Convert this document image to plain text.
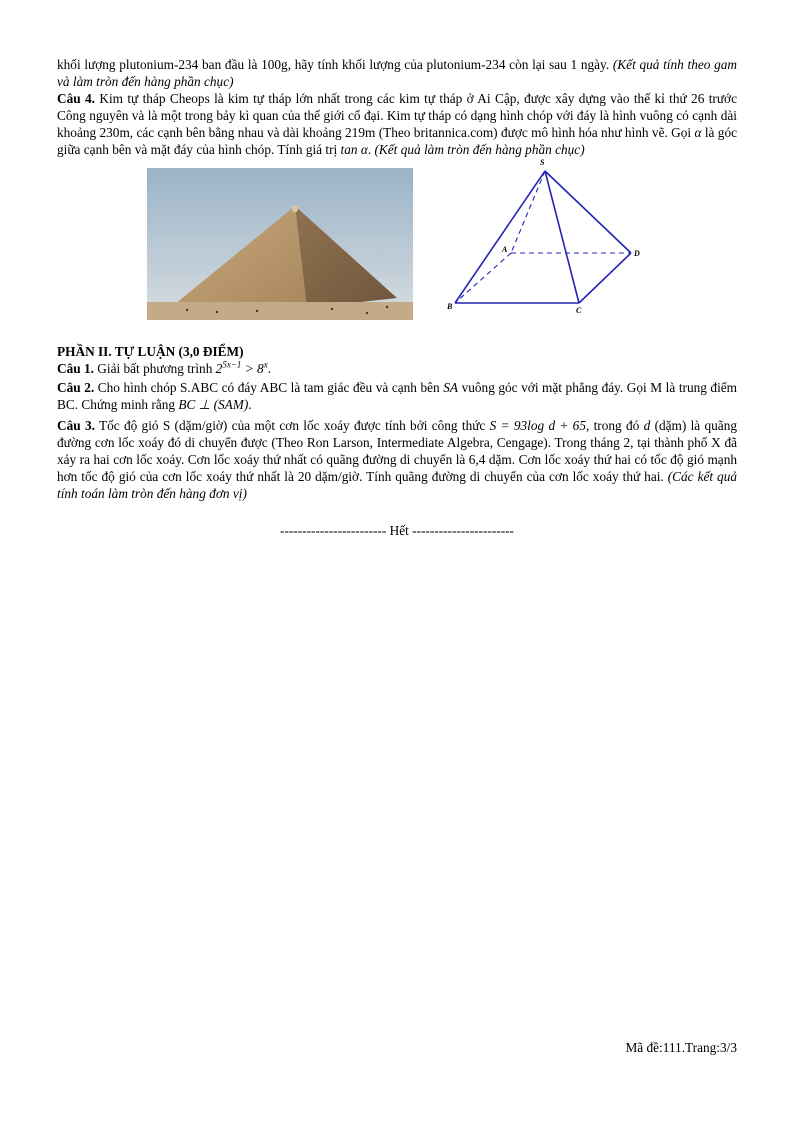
khối lượng plutonium-234 ban đầu là 100g, hãy tính khối lượng của plutonium-234 còn lại sau 1 ngày. (Kết quả tính theo gam và làm tròn đến hàng phần chục)

Câu 4. Kim tự tháp Cheops là kim tự tháp lớn nhất trong các kim tự tháp ở Ai Cập, được xây dựng vào thế kỉ thứ 26 trước Công nguyên và là một trong bảy kì quan của thế giới cổ đại. Kim tự tháp có dạng hình chóp với đáy là hình vuông có cạnh dài khoảng 230m, các cạnh bên bằng nhau và dài khoảng 219m (Theo britannica.com) được mô hình hóa như hình vẽ. Gọi α là góc giữa cạnh bên và mặt đáy của hình chóp. Tính giá trị tan α. (Kết quả làm tròn đến hàng phần chục)

S
A
B	C
D

PHẦN II. TỰ LUẬN (3,0 ĐIỂM)

Câu 1. Giải bất phương trình $2^{5x-1} > 8^x$.

Câu 2. Cho hình chóp S.ABC có đáy ABC là tam giác đều và cạnh bên SA vuông góc với mặt phẳng đáy. Gọi M là trung điểm BC. Chứng minh rằng BC ⊥ (SAM).

Câu 3. Tốc độ gió S (dặm/giờ) của một cơn lốc xoáy được tính bởi công thức S = 93log d + 65, trong đó d (dặm) là quãng đường cơn lốc xoáy đó di chuyển được (Theo Ron Larson, Intermediate Algebra, Cengage). Trong tháng 2, tại thành phố X đã xảy ra hai cơn lốc xoáy. Cơn lốc xoáy thứ nhất có quãng đường di chuyển là 6,4 dặm. Cơn lốc xoáy thứ hai có tốc độ gió mạnh hơn tốc độ gió của cơn lốc xoáy thứ nhất là 20 dặm/giờ. Tính quãng đường di chuyển của cơn lốc xoáy thứ hai. (Các kết quả tính toán làm tròn đến hàng đơn vị)

------------------------ Hết -----------------------

Mã đề:111.Trang:3/3
